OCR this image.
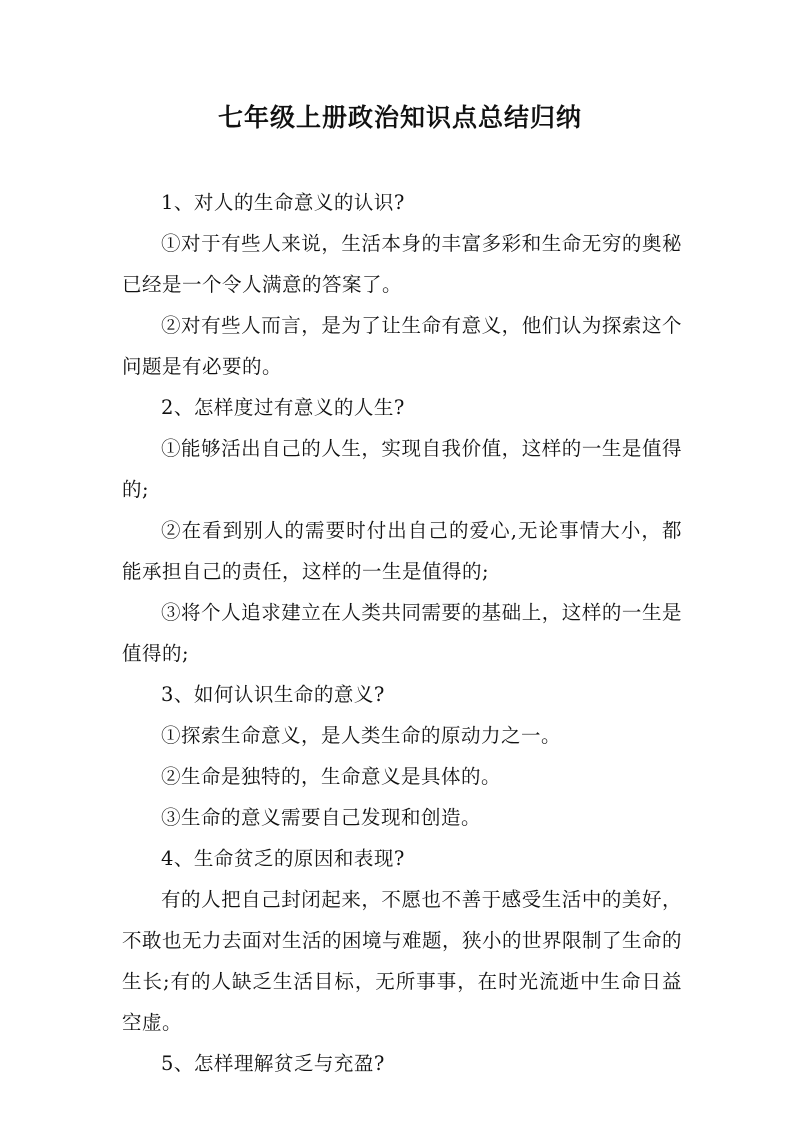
七年级上册政治知识点总结归纳

1、对人的生命意义的认识?

①对于有些人来说，生活本身的丰富多彩和生命无穷的奥秘已经是一个令人满意的答案了。

②对有些人而言，是为了让生命有意义，他们认为探索这个问题是有必要的。

2、怎样度过有意义的人生?

①能够活出自己的人生，实现自我价值，这样的一生是值得的;

②在看到别人的需要时付出自己的爱心,无论事情大小，都能承担自己的责任，这样的一生是值得的;

③将个人追求建立在人类共同需要的基础上，这样的一生是值得的;

3、如何认识生命的意义?

①探索生命意义，是人类生命的原动力之一。

②生命是独特的，生命意义是具体的。

③生命的意义需要自己发现和创造。

4、生命贫乏的原因和表现?

有的人把自己封闭起来，不愿也不善于感受生活中的美好，不敢也无力去面对生活的困境与难题，狭小的世界限制了生命的生长;有的人缺乏生活目标，无所事事，在时光流逝中生命日益空虚。

5、怎样理解贫乏与充盈?
